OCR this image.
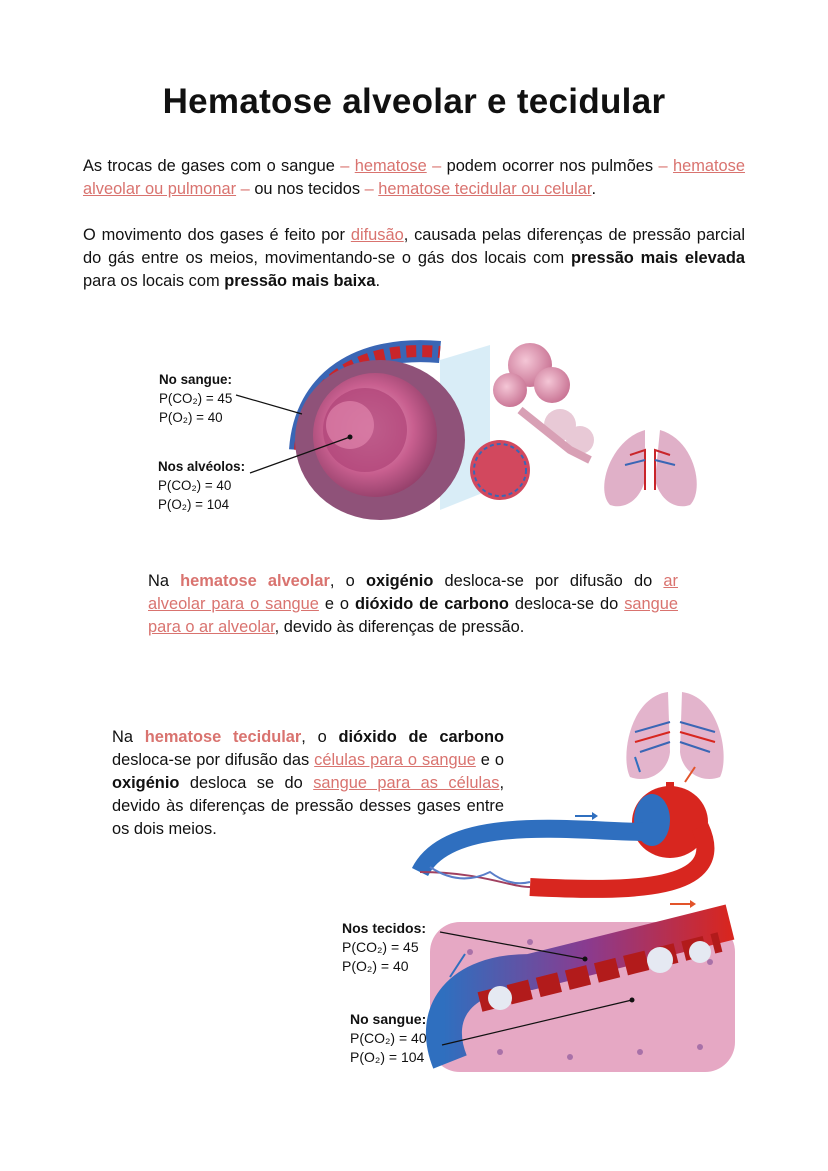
Hematose alveolar e tecidular
As trocas de gases com o sangue – hematose – podem ocorrer nos pulmões – hematose alveolar ou pulmonar – ou nos tecidos – hematose tecidular ou celular.
O movimento dos gases é feito por difusão, causada pelas diferenças de pressão parcial do gás entre os meios, movimentando-se o gás dos locais com pressão mais elevada para os locais com pressão mais baixa.
No sangue:
P(CO₂) = 45
P(O₂) = 40
Nos alvéolos:
P(CO₂) = 40
P(O₂) = 104
Na hematose alveolar, o oxigénio desloca-se por difusão do ar alveolar para o sangue e o dióxido de carbono desloca-se do sangue para o ar alveolar, devido às diferenças de pressão.
Na hematose tecidular, o dióxido de carbono desloca-se por difusão das células para o sangue e o oxigénio desloca se do sangue para as células, devido às diferenças de pressão desses gases entre os dois meios.
Nos tecidos:
P(CO₂) = 45
P(O₂) = 40
No sangue:
P(CO₂) = 40
P(O₂) = 104
